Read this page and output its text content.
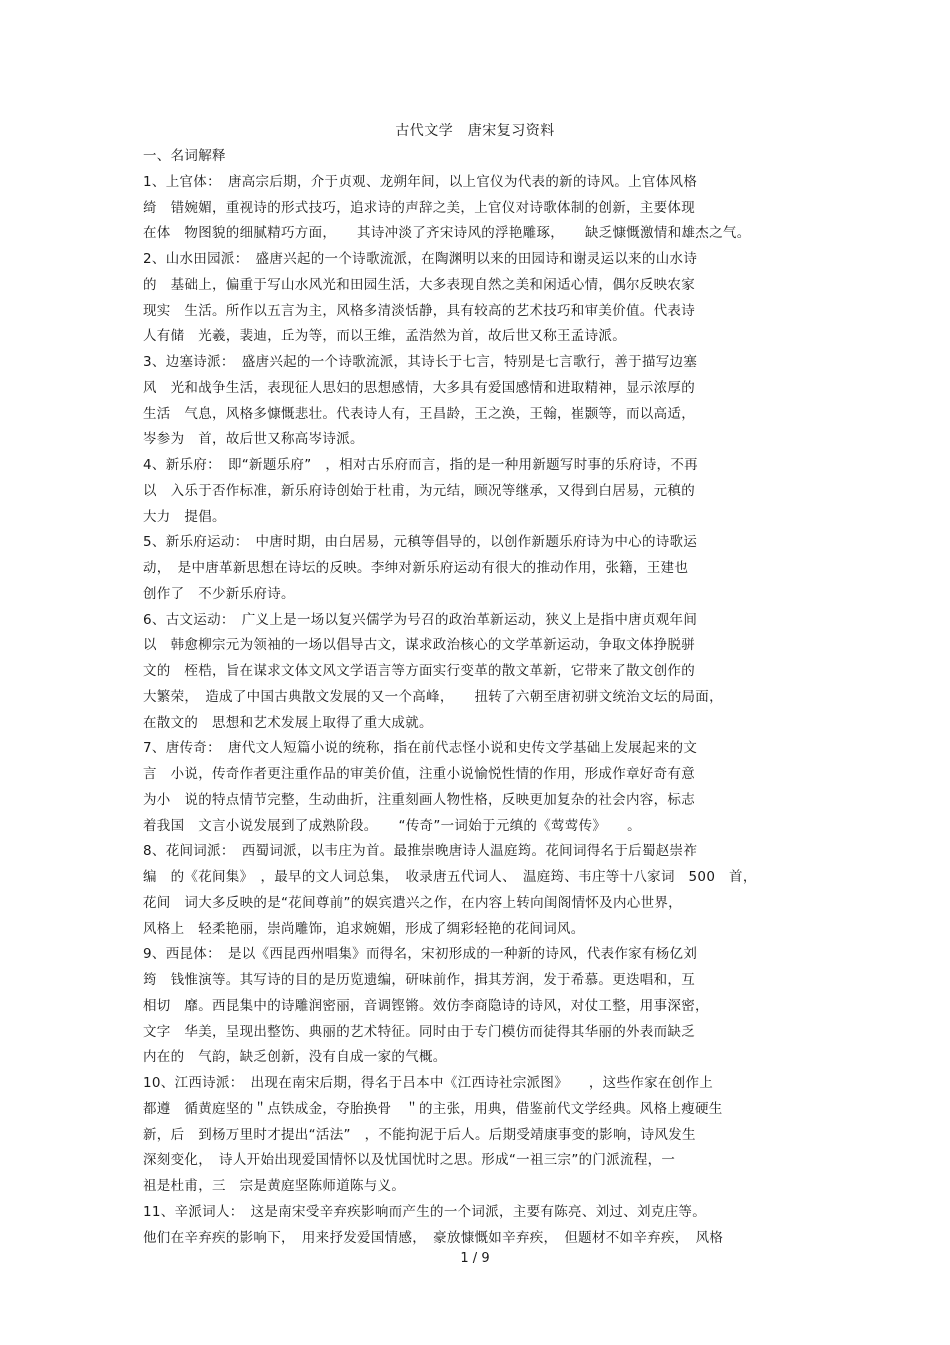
古代文学　唐宋复习资料
一、名词解释
1、上官体：　唐高宗后期，介于贞观、龙朔年间，以上官仪为代表的新的诗风。上官体风格
绮　错婉媚，重视诗的形式技巧，追求诗的声辞之美，上官仪对诗歌体制的创新，主要体现
在体　物图貌的细腻精巧方面，　　其诗冲淡了齐宋诗风的浮艳雕琢，　　缺乏慷慨激情和雄杰之气。
2、山水田园派：　盛唐兴起的一个诗歌流派，在陶渊明以来的田园诗和谢灵运以来的山水诗
的　基础上，偏重于写山水风光和田园生活，大多表现自然之美和闲适心情，偶尔反映农家
现实　生活。所作以五言为主，风格多清淡恬静，具有较高的艺术技巧和审美价值。代表诗
人有储　光羲，裴迪，丘为等，而以王维，孟浩然为首，故后世又称王孟诗派。
3、边塞诗派：　盛唐兴起的一个诗歌流派，其诗长于七言，特别是七言歌行，善于描写边塞
风　光和战争生活，表现征人思妇的思想感情，大多具有爱国感情和进取精神，显示浓厚的
生活　气息，风格多慷慨悲壮。代表诗人有，王昌龄，王之涣，王翰，崔颢等，而以高适，
岑参为　首，故后世又称高岑诗派。
4、新乐府：　即“新题乐府”　，相对古乐府而言，指的是一种用新题写时事的乐府诗，不再
以　入乐于否作标准，新乐府诗创始于杜甫，为元结，顾况等继承，又得到白居易，元稹的
大力　提倡。
5、新乐府运动：　中唐时期，由白居易，元稹等倡导的，以创作新题乐府诗为中心的诗歌运
动，　是中唐革新思想在诗坛的反映。李绅对新乐府运动有很大的推动作用，张籍，王建也
创作了　不少新乐府诗。
6、古文运动：　广义上是一场以复兴儒学为号召的政治革新运动，狭义上是指中唐贞观年间
以　韩愈柳宗元为领袖的一场以倡导古文，谋求政治核心的文学革新运动，争取文体挣脱骈
文的　桎梏，旨在谋求文体文风文学语言等方面实行变革的散文革新，它带来了散文创作的
大繁荣，　造成了中国古典散文发展的又一个高峰，　　扭转了六朝至唐初骈文统治文坛的局面，
在散文的　思想和艺术发展上取得了重大成就。
7、唐传奇：　唐代文人短篇小说的统称，指在前代志怪小说和史传文学基础上发展起来的文
言　小说，传奇作者更注重作品的审美价值，注重小说愉悦性情的作用，形成作章好奇有意
为小　说的特点情节完整，生动曲折，注重刻画人物性格，反映更加复杂的社会内容，标志
着我国　文言小说发展到了成熟阶段。　　“传奇”一词始于元缜的《莺莺传》　　。
8、花间词派：　西蜀词派，以韦庄为首。最推崇晚唐诗人温庭筠。花间词得名于后蜀赵崇祚
编　的《花间集》　，最早的文人词总集，　收录唐五代词人、　温庭筠、韦庄等十八家词　500　首，
花间　词大多反映的是“花间尊前”的娱宾遣兴之作，在内容上转向闺阁情怀及内心世界，
风格上　轻柔艳丽，崇尚雕饰，追求婉媚，形成了绸彩轻艳的花间词风。
9、西昆体：　是以《西昆西州唱集》而得名，宋初形成的一种新的诗风，代表作家有杨亿刘
筠　钱惟演等。其写诗的目的是历览遗编，研味前作，揖其芳润，发于希慕。更迭唱和，互
相切　靡。西昆集中的诗雕润密丽，音调铿锵。效仿李商隐诗的诗风，对仗工整，用事深密，
文字　华美，呈现出整饬、典丽的艺术特征。同时由于专门模仿而徒得其华丽的外表而缺乏
内在的　气韵，缺乏创新，没有自成一家的气概。
10、江西诗派：　出现在南宋后期，得名于吕本中《江西诗社宗派图》　　，这些作家在创作上
都遵　循黄庭坚的＂点铁成金，夺胎换骨　＂的主张，用典，借鉴前代文学经典。风格上瘦硬生
新，后　到杨万里时才提出“活法”　，不能拘泥于后人。后期受靖康事变的影响，诗风发生
深刻变化，　诗人开始出现爱国情怀以及忧国忧时之思。形成“一祖三宗”的门派流程，一
祖是杜甫，三　宗是黄庭坚陈师道陈与义。
11、辛派词人：　这是南宋受辛弃疾影响而产生的一个词派，主要有陈亮、刘过、刘克庄等。
他们在辛弃疾的影响下，　用来抒发爱国情感，　豪放慷慨如辛弃疾，　但题材不如辛弃疾，　风格
1 / 9
